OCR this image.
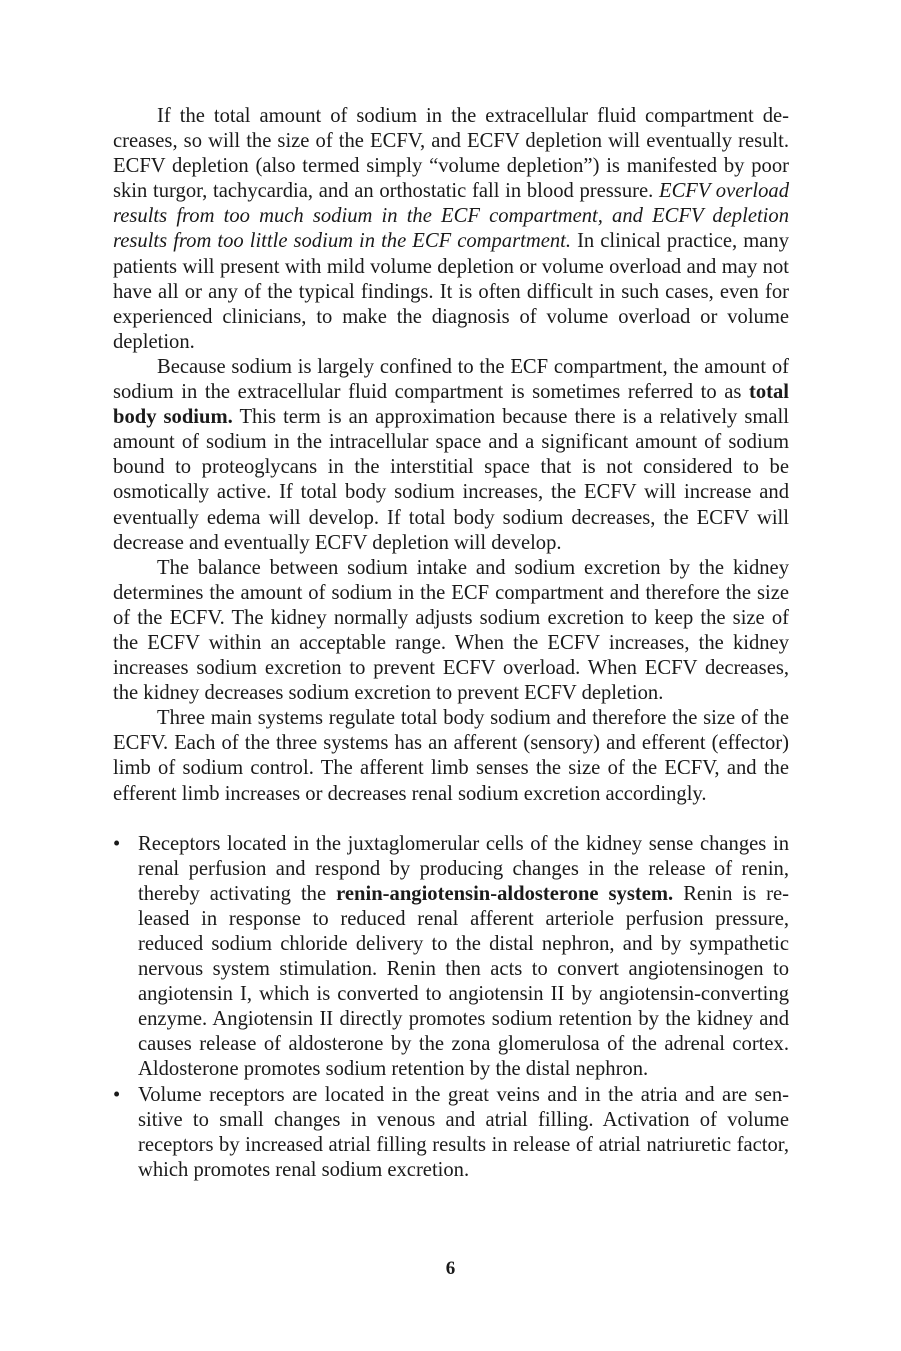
If the total amount of sodium in the extracellular fluid compartment decreases, so will the size of the ECFV, and ECFV depletion will eventually result. ECFV depletion (also termed simply “volume depletion”) is manifested by poor skin turgor, tachycardia, and an orthostatic fall in blood pressure. ECFV overload results from too much sodium in the ECF compartment, and ECFV depletion results from too little sodium in the ECF compartment. In clinical practice, many patients will present with mild volume depletion or volume overload and may not have all or any of the typical findings. It is often difficult in such cases, even for experienced clinicians, to make the diagnosis of volume overload or volume depletion.

Because sodium is largely confined to the ECF compartment, the amount of sodium in the extracellular fluid compartment is sometimes referred to as total body sodium. This term is an approximation because there is a relatively small amount of sodium in the intracellular space and a significant amount of sodium bound to proteoglycans in the interstitial space that is not considered to be osmotically active. If total body sodium increases, the ECFV will increase and eventually edema will develop. If total body sodium decreases, the ECFV will decrease and eventually ECFV depletion will develop.

The balance between sodium intake and sodium excretion by the kidney determines the amount of sodium in the ECF compartment and therefore the size of the ECFV. The kidney normally adjusts sodium excretion to keep the size of the ECFV within an acceptable range. When the ECFV increases, the kidney increases sodium excretion to prevent ECFV overload. When ECFV decreases, the kidney decreases sodium excretion to prevent ECFV depletion.

Three main systems regulate total body sodium and therefore the size of the ECFV. Each of the three systems has an afferent (sensory) and efferent (effector) limb of sodium control. The afferent limb senses the size of the ECFV, and the efferent limb increases or decreases renal sodium excretion accordingly.

• Receptors located in the juxtaglomerular cells of the kidney sense changes in renal perfusion and respond by producing changes in the release of renin, thereby activating the renin-angiotensin-aldosterone system. Renin is released in response to reduced renal afferent arteriole perfusion pressure, reduced sodium chloride delivery to the distal nephron, and by sympathetic nervous system stimulation. Renin then acts to convert angiotensinogen to angiotensin I, which is converted to angiotensin II by angiotensin-converting enzyme. Angiotensin II directly promotes sodium retention by the kidney and causes release of aldosterone by the zona glomerulosa of the adrenal cortex. Aldosterone promotes sodium retention by the distal nephron.
• Volume receptors are located in the great veins and in the atria and are sensitive to small changes in venous and atrial filling. Activation of volume receptors by increased atrial filling results in release of atrial natriuretic factor, which promotes renal sodium excretion.
6
